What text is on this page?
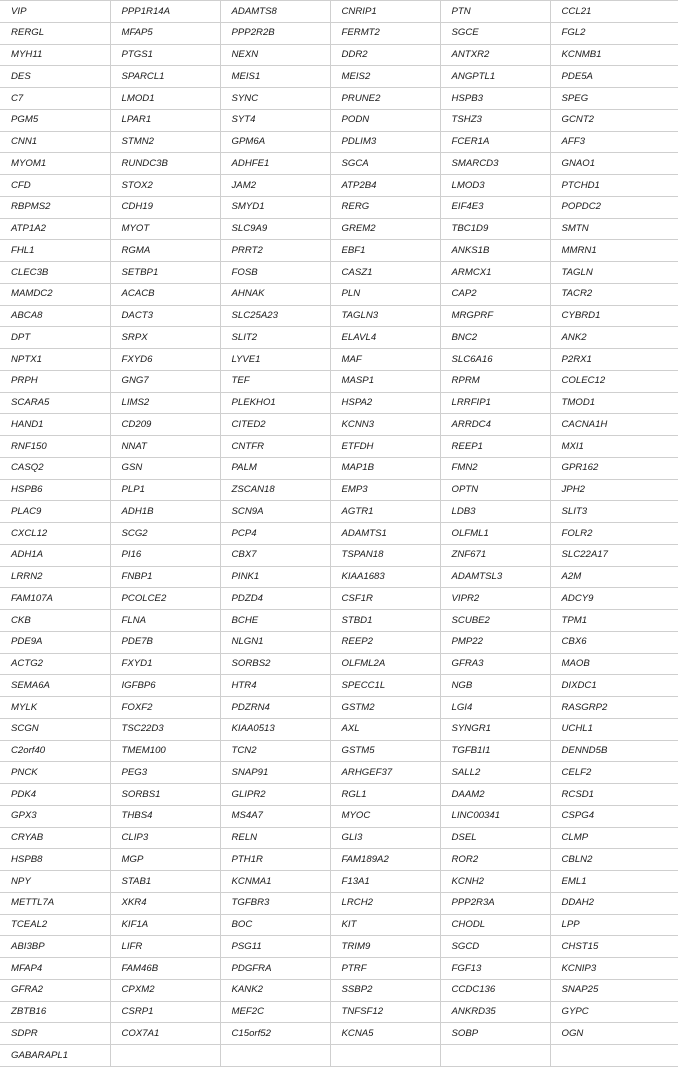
VIP	PPP1R14A	ADAMTS8	CNRIP1	PTN	CCL21
RERGL	MFAP5	PPP2R2B	FERMT2	SGCE	FGL2
MYH11	PTGS1	NEXN	DDR2	ANTXR2	KCNMB1
DES	SPARCL1	MEIS1	MEIS2	ANGPTL1	PDE5A
C7	LMOD1	SYNC	PRUNE2	HSPB3	SPEG
PGM5	LPAR1	SYT4	PODN	TSHZ3	GCNT2
CNN1	STMN2	GPM6A	PDLIM3	FCER1A	AFF3
MYOM1	RUNDC3B	ADHFE1	SGCA	SMARCD3	GNAO1
CFD	STOX2	JAM2	ATP2B4	LMOD3	PTCHD1
RBPMS2	CDH19	SMYD1	RERG	EIF4E3	POPDC2
ATP1A2	MYOT	SLC9A9	GREM2	TBC1D9	SMTN
FHL1	RGMA	PRRT2	EBF1	ANKS1B	MMRN1
CLEC3B	SETBP1	FOSB	CASZ1	ARMCX1	TAGLN
MAMDC2	ACACB	AHNAK	PLN	CAP2	TACR2
ABCA8	DACT3	SLC25A23	TAGLN3	MRGPRF	CYBRD1
DPT	SRPX	SLIT2	ELAVL4	BNC2	ANK2
NPTX1	FXYD6	LYVE1	MAF	SLC6A16	P2RX1
PRPH	GNG7	TEF	MASP1	RPRM	COLEC12
SCARA5	LIMS2	PLEKHO1	HSPA2	LRRFIP1	TMOD1
HAND1	CD209	CITED2	KCNN3	ARRDC4	CACNA1H
RNF150	NNAT	CNTFR	ETFDH	REEP1	MXI1
CASQ2	GSN	PALM	MAP1B	FMN2	GPR162
HSPB6	PLP1	ZSCAN18	EMP3	OPTN	JPH2
PLAC9	ADH1B	SCN9A	AGTR1	LDB3	SLIT3
CXCL12	SCG2	PCP4	ADAMTS1	OLFML1	FOLR2
ADH1A	PI16	CBX7	TSPAN18	ZNF671	SLC22A17
LRRN2	FNBP1	PINK1	KIAA1683	ADAMTSL3	A2M
FAM107A	PCOLCE2	PDZD4	CSF1R	VIPR2	ADCY9
CKB	FLNA	BCHE	STBD1	SCUBE2	TPM1
PDE9A	PDE7B	NLGN1	REEP2	PMP22	CBX6
ACTG2	FXYD1	SORBS2	OLFML2A	GFRA3	MAOB
SEMA6A	IGFBP6	HTR4	SPECC1L	NGB	DIXDC1
MYLK	FOXF2	PDZRN4	GSTM2	LGI4	RASGRP2
SCGN	TSC22D3	KIAA0513	AXL	SYNGR1	UCHL1
C2orf40	TMEM100	TCN2	GSTM5	TGFB1I1	DENND5B
PNCK	PEG3	SNAP91	ARHGEF37	SALL2	CELF2
PDK4	SORBS1	GLIPR2	RGL1	DAAM2	RCSD1
GPX3	THBS4	MS4A7	MYOC	LINC00341	CSPG4
CRYAB	CLIP3	RELN	GLI3	DSEL	CLMP
HSPB8	MGP	PTH1R	FAM189A2	ROR2	CBLN2
NPY	STAB1	KCNMA1	F13A1	KCNH2	EML1
METTL7A	XKR4	TGFBR3	LRCH2	PPP2R3A	DDAH2
TCEAL2	KIF1A	BOC	KIT	CHODL	LPP
ABI3BP	LIFR	PSG11	TRIM9	SGCD	CHST15
MFAP4	FAM46B	PDGFRA	PTRF	FGF13	KCNIP3
GFRA2	CPXM2	KANK2	SSBP2	CCDC136	SNAP25
ZBTB16	CSRP1	MEF2C	TNFSF12	ANKRD35	GYPC
SDPR	COX7A1	C15orf52	KCNA5	SOBP	OGN
GABARAPL1					
